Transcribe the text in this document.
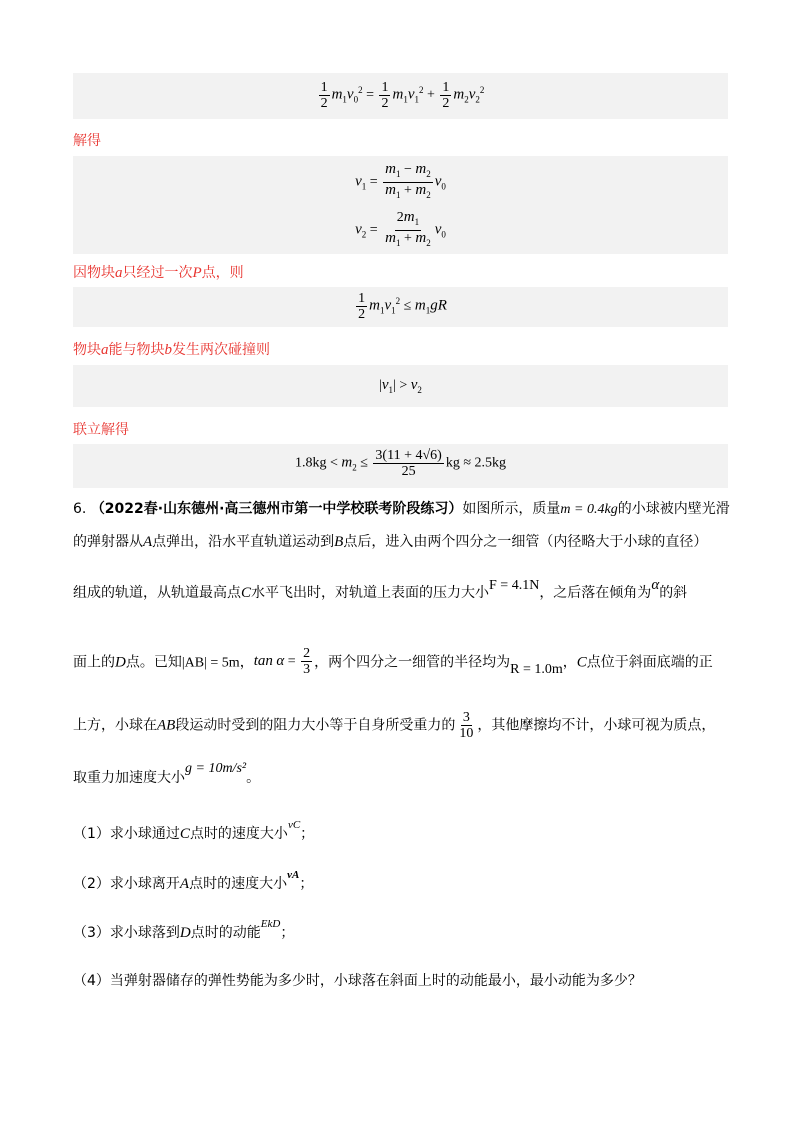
$\frac{1}{2} m_1v_0^2 = \frac{1}{2} m_1v_1^2 + \frac{1}{2} m_2v_2^2$
解得
$v_1 = \frac{m_1 - m_2}{m_1 + m_2} v_0$
$v_2 = \frac{2m_1}{m_1 + m_2} v_0$
因物块a只经过一次P点，则
$\frac{1}{2} m_1v_1^2 \le m_1gR$
物块a能与物块b发生两次碰撞则
$|v_1| > v_2$
联立解得
$1.8kg < m_2 \le \frac{3(11 + 4√6)}{25}$ kg ≈ 2.5kg
6. （2022春·山东德州·高三德州市第一中学校联考阶段练习）如图所示，质量m = 0.4kg的小球被内壁光滑
的弹射器从A点弹出，沿水平直轨道运动到B点后，进入由两个四分之一细管（内径略大于小球的直径）
组成的轨道，从轨道最高点C水平飞出时，对轨道上表面的压力大小F = 4.1N，之后落在倾角为α的斜
面上的D点。已知|AB| = 5m，$\tan \alpha = \frac{2}{3}$ ，两个四分之一细管的半径均为R = 1.0m，C点位于斜面底端的正
上方，小球在AB段运动时受到的阻力大小等于自身所受重力的 $\frac{3}{10}$ ，其他摩擦均不计，小球可视为质点，
取重力加速度大小g = 10m/s²。
（1）求小球通过C点时的速度大小$^{vC}$；
（2）求小球离开A点时的速度大小$^{vA}$；
（3）求小球落到D点时的动能$^{EkD}$；
（4）当弹射器储存的弹性势能为多少时，小球落在斜面上时的动能最小，最小动能为多少？
